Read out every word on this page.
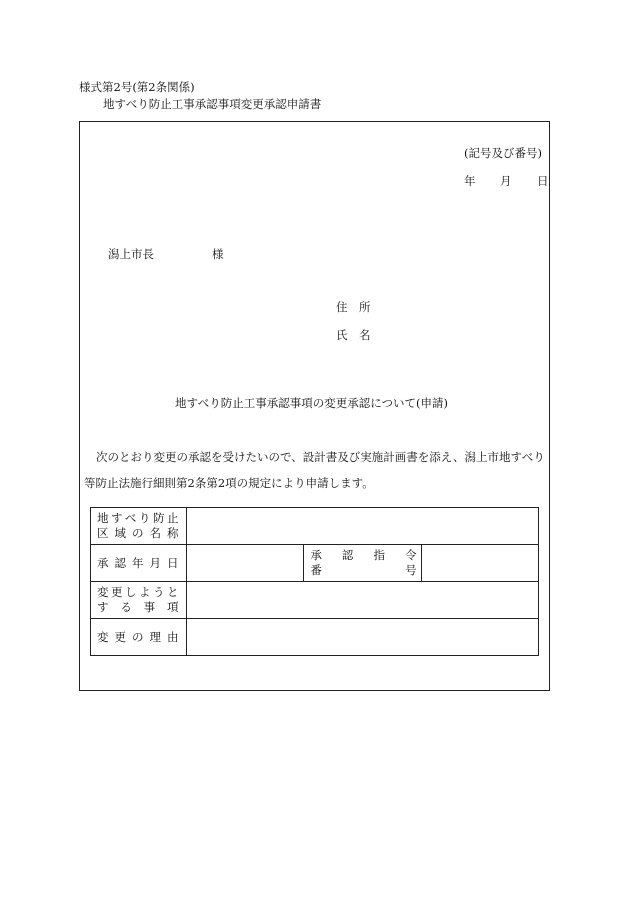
様式第2号(第2条関係)
地すべり防止工事承認事項変更承認申請書
(記号及び番号)
年 月 日
潟上市長	様
住　所
氏　名
地すべり防止工事承認事項の変更承認について(申請)
次のとおり変更の承認を受けたいので、設計書及び実施計画書を添え、潟上市地すべり
等防止法施行細則第2条第2項の規定により申請します。
地すべり防止
区域の名称			

承認年月日		承認指令
番号	

変更しようと
する事項			

変更の理由			
